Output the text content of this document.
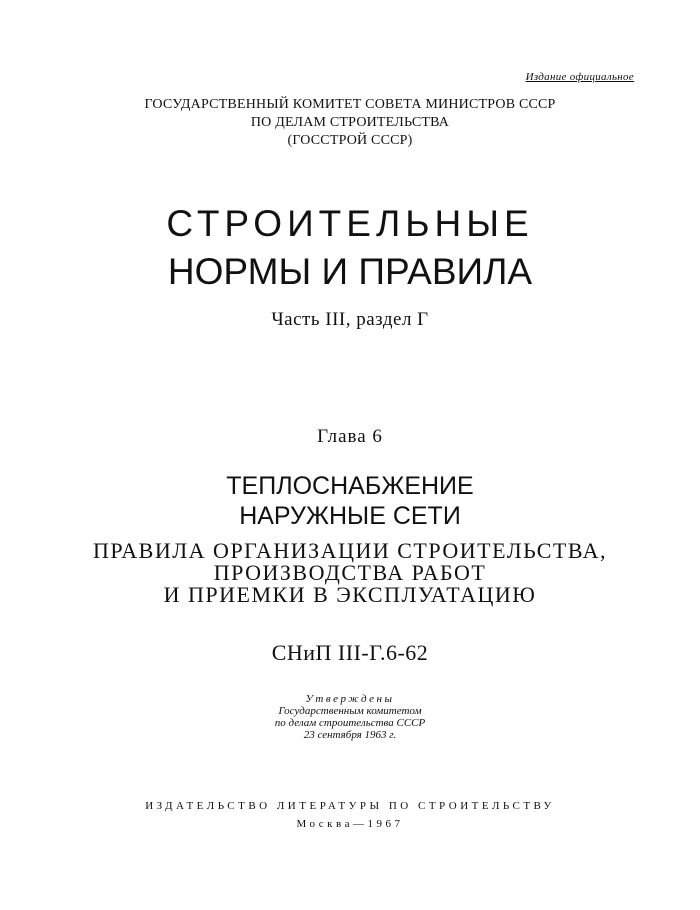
Издание официальное
ГОСУДАРСТВЕННЫЙ КОМИТЕТ СОВЕТА МИНИСТРОВ СССР
ПО ДЕЛАМ СТРОИТЕЛЬСТВА
(ГОССТРОЙ СССР)
СТРОИТЕЛЬНЫЕ
НОРМЫ И ПРАВИЛА
Часть III, раздел Г
Глава 6
ТЕПЛОСНАБЖЕНИЕ
НАРУЖНЫЕ СЕТИ
ПРАВИЛА ОРГАНИЗАЦИИ СТРОИТЕЛЬСТВА,
ПРОИЗВОДСТВА РАБОТ
И ПРИЕМКИ В ЭКСПЛУАТАЦИЮ
СНиП III-Г.6-62
Утверждены
Государственным комитетом
по делам строительства СССР
23 сентября 1963 г.
ИЗДАТЕЛЬСТВО ЛИТЕРАТУРЫ ПО СТРОИТЕЛЬСТВУ
Москва—1967
